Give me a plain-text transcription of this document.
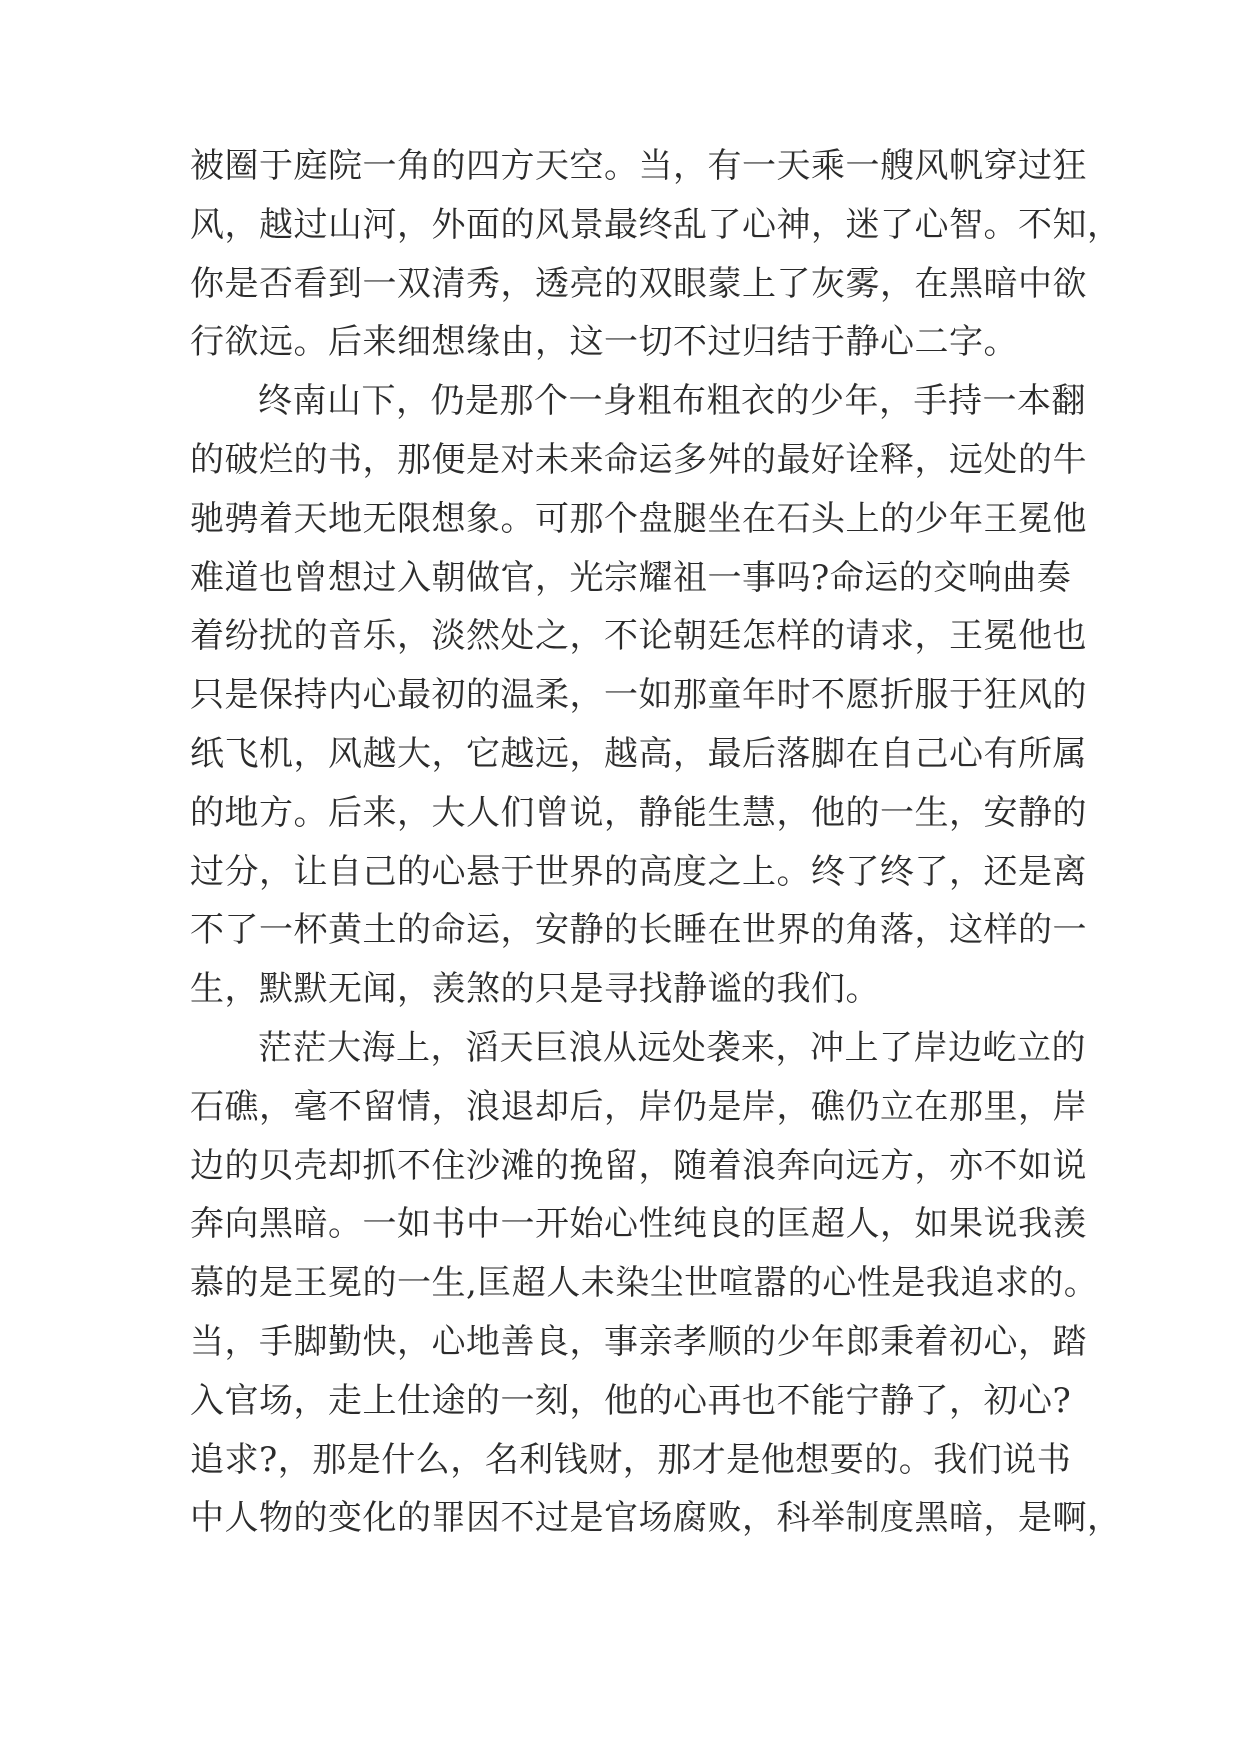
被圈于庭院一角的四方天空。当，有一天乘一艘风帆穿过狂
风，越过山河，外面的风景最终乱了心神，迷了心智。不知，
你是否看到一双清秀，透亮的双眼蒙上了灰雾，在黑暗中欲
行欲远。后来细想缘由，这一切不过归结于静心二字。
终南山下，仍是那个一身粗布粗衣的少年，手持一本翻
的破烂的书，那便是对未来命运多舛的最好诠释，远处的牛
驰骋着天地无限想象。可那个盘腿坐在石头上的少年王冕他
难道也曾想过入朝做官，光宗耀祖一事吗?命运的交响曲奏
着纷扰的音乐，淡然处之，不论朝廷怎样的请求，王冕他也
只是保持内心最初的温柔，一如那童年时不愿折服于狂风的
纸飞机，风越大，它越远，越高，最后落脚在自己心有所属
的地方。后来，大人们曾说，静能生慧，他的一生，安静的
过分，让自己的心悬于世界的高度之上。终了终了，还是离
不了一杯黄土的命运，安静的长睡在世界的角落，这样的一
生，默默无闻，羡煞的只是寻找静谧的我们。
茫茫大海上，滔天巨浪从远处袭来，冲上了岸边屹立的
石礁，毫不留情，浪退却后，岸仍是岸，礁仍立在那里，岸
边的贝壳却抓不住沙滩的挽留，随着浪奔向远方，亦不如说
奔向黑暗。一如书中一开始心性纯良的匡超人，如果说我羡
慕的是王冕的一生,匡超人未染尘世喧嚣的心性是我追求的。
当，手脚勤快，心地善良，事亲孝顺的少年郎秉着初心，踏
入官场，走上仕途的一刻，他的心再也不能宁静了，初心?
追求?，那是什么，名利钱财，那才是他想要的。我们说书
中人物的变化的罪因不过是官场腐败，科举制度黑暗，是啊，
